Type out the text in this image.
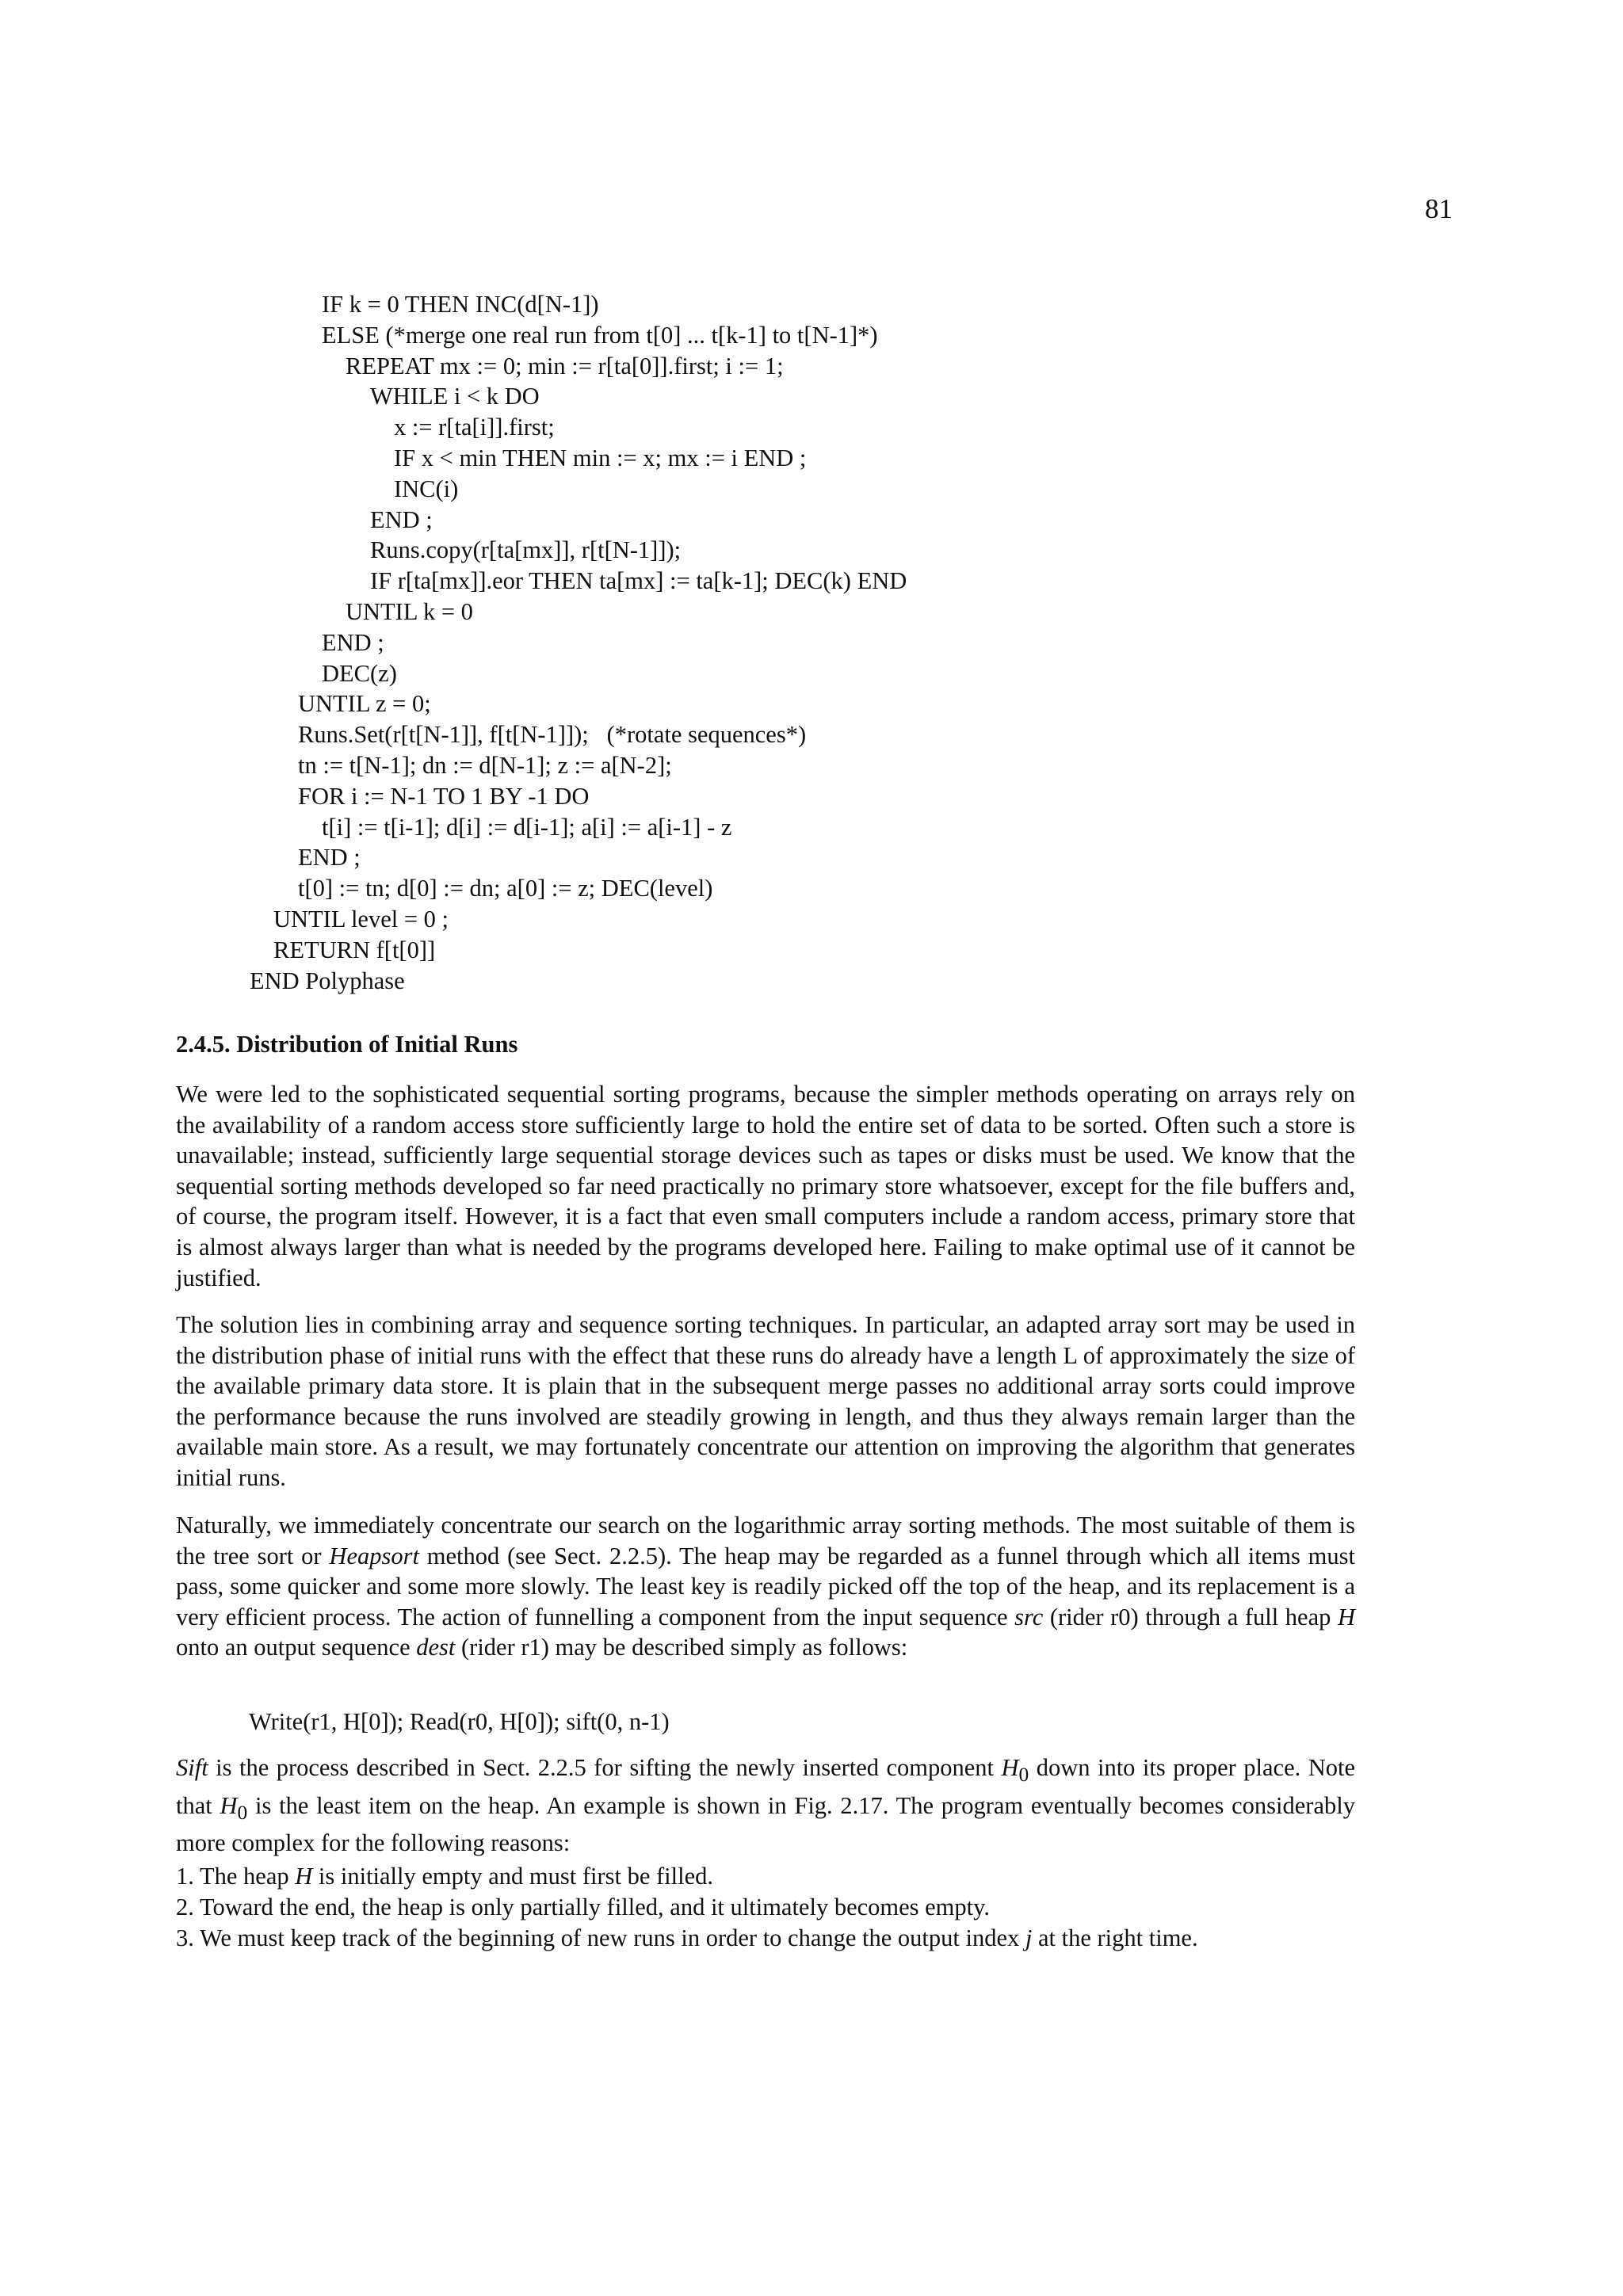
81
IF k = 0 THEN INC(d[N-1])
ELSE (*merge one real run from t[0] ... t[k-1] to t[N-1]*)
REPEAT mx := 0; min := r[ta[0]].first; i := 1;
WHILE i < k DO
x := r[ta[i]].first;
IF x < min THEN min := x; mx := i END ;
INC(i)
END ;
Runs.copy(r[ta[mx]], r[t[N-1]]);
IF r[ta[mx]].eor THEN ta[mx] := ta[k-1]; DEC(k) END
UNTIL k = 0
END ;
DEC(z)
UNTIL z = 0;
Runs.Set(r[t[N-1]], f[t[N-1]]);   (*rotate sequences*)
tn := t[N-1]; dn := d[N-1]; z := a[N-2];
FOR i := N-1 TO 1 BY -1 DO
t[i] := t[i-1]; d[i] := d[i-1]; a[i] := a[i-1] - z
END ;
t[0] := tn; d[0] := dn; a[0] := z; DEC(level)
UNTIL level = 0 ;
RETURN f[t[0]]
END Polyphase
2.4.5. Distribution of Initial Runs

We were led to the sophisticated sequential sorting programs, because the simpler methods operating on arrays rely on the availability of a random access store sufficiently large to hold the entire set of data to be sorted. Often such a store is unavailable; instead, sufficiently large sequential storage devices such as tapes or disks must be used. We know that the sequential sorting methods developed so far need practically no primary store whatsoever, except for the file buffers and, of course, the program itself. However, it is a fact that even small computers include a random access, primary store that is almost always larger than what is needed by the programs developed here. Failing to make optimal use of it cannot be justified.

The solution lies in combining array and sequence sorting techniques. In particular, an adapted array sort may be used in the distribution phase of initial runs with the effect that these runs do already have a length L of approximately the size of the available primary data store. It is plain that in the subsequent merge passes no additional array sorts could improve the performance because the runs involved are steadily growing in length, and thus they always remain larger than the available main store. As a result, we may fortunately concentrate our attention on improving the algorithm that generates initial runs.

Naturally, we immediately concentrate our search on the logarithmic array sorting methods. The most suitable of them is the tree sort or Heapsort method (see Sect. 2.2.5). The heap may be regarded as a funnel through which all items must pass, some quicker and some more slowly. The least key is readily picked off the top of the heap, and its replacement is a very efficient process. The action of funnelling a component from the input sequence src (rider r0) through a full heap H onto an output sequence dest (rider r1) may be described simply as follows:

Write(r1, H[0]); Read(r0, H[0]); sift(0, n-1)

Sift is the process described in Sect. 2.2.5 for sifting the newly inserted component $H_0$ down into its proper place. Note that $H_0$ is the least item on the heap. An example is shown in Fig. 2.17. The program eventually becomes considerably more complex for the following reasons:

1. The heap H is initially empty and must first be filled.
2. Toward the end, the heap is only partially filled, and it ultimately becomes empty.
3. We must keep track of the beginning of new runs in order to change the output index j at the right time.
